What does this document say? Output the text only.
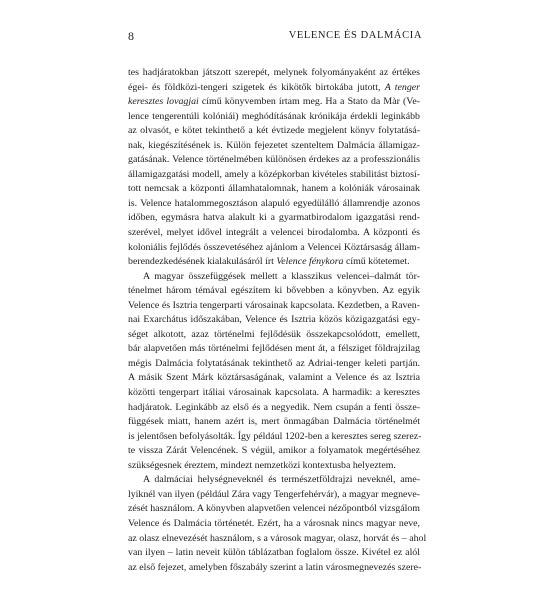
8	VELENCE ÉS DALMÁCIA
tes hadjáratokban játszott szerepét, melynek folyományaként az értékes
égei- és földközi-tengeri szigetek és kikötők birtokába jutott, A tenger
keresztes lovagjai című könyvemben írtam meg. Ha a Stato da Màr (Ve-
lence tengerentúli kolóniái) meghódításának krónikája érdekli leginkább
az olvasót, e kötet tekinthető a két évtizede megjelent könyv folytatásá-
nak, kiegészítésének is. Külön fejezetet szenteltem Dalmácia államigaz-
gatásának. Velence történelmében különösen érdekes az a professzionális
államigazgatási modell, amely a középkorban kivételes stabilitást biztosí-
tott nemcsak a központi államhatalomnak, hanem a kolóniák városainak
is. Velence hatalommegosztáson alapuló egyedülálló államrendje azonos
időben, egymásra hatva alakult ki a gyarmatbirodalom igazgatási rend-
szerével, melyet idővel integrált a velencei birodalomba. A központi és
koloniális fejlődés összevetéséhez ajánlom a Velencei Köztársaság állam-
berendezkedésének kialakulásáról írt Velence fénykora című kötetemet.
A magyar összefüggések mellett a klasszikus velencei–dalmát tör-
ténelmet három témával egészítem ki bővebben a könyvben. Az egyik
Velence és Isztria tengerparti városainak kapcsolata. Kezdetben, a Raven-
nai Exarchátus időszakában, Velence és Isztria közös közigazgatási egy-
séget alkotott, azaz történelmi fejlődésük összekapcsolódott, emellett,
bár alapvetően más történelmi fejlődésen ment át, a félsziget földrajzilag
mégis Dalmácia folytatásának tekinthető az Adriai-tenger keleti partján.
A másik Szent Márk köztársaságának, valamint a Velence és az Isztria
közötti tengerpart itáliai városainak kapcsolata. A harmadik: a keresztes
hadjáratok. Leginkább az első és a negyedik. Nem csupán a fenti össze-
függések miatt, hanem azért is, mert önmagában Dalmácia történelmét
is jelentősen befolyásolták. Így például 1202-ben a keresztes sereg szerez-
te vissza Zárát Velencének. S végül, amikor a folyamatok megértéséhez
szükségesnek éreztem, mindezt nemzetközi kontextusba helyeztem.
A dalmáciai helységneveknél és természetföldrajzi neveknél, ame-
lyiknél van ilyen (például Zára vagy Tengerfehérvár), a magyar megneve-
zését használom. A könyvben alapvetően velencei nézőpontból vizsgálom
Velence és Dalmácia történetét. Ezért, ha a városnak nincs magyar neve,
az olasz elnevezését használom, s a városok magyar, olasz, horvát és – ahol
van ilyen – latin neveit külön táblázatban foglalom össze. Kivétel ez alól
az első fejezet, amelyben főszabály szerint a latin városmegnevezés szere-
